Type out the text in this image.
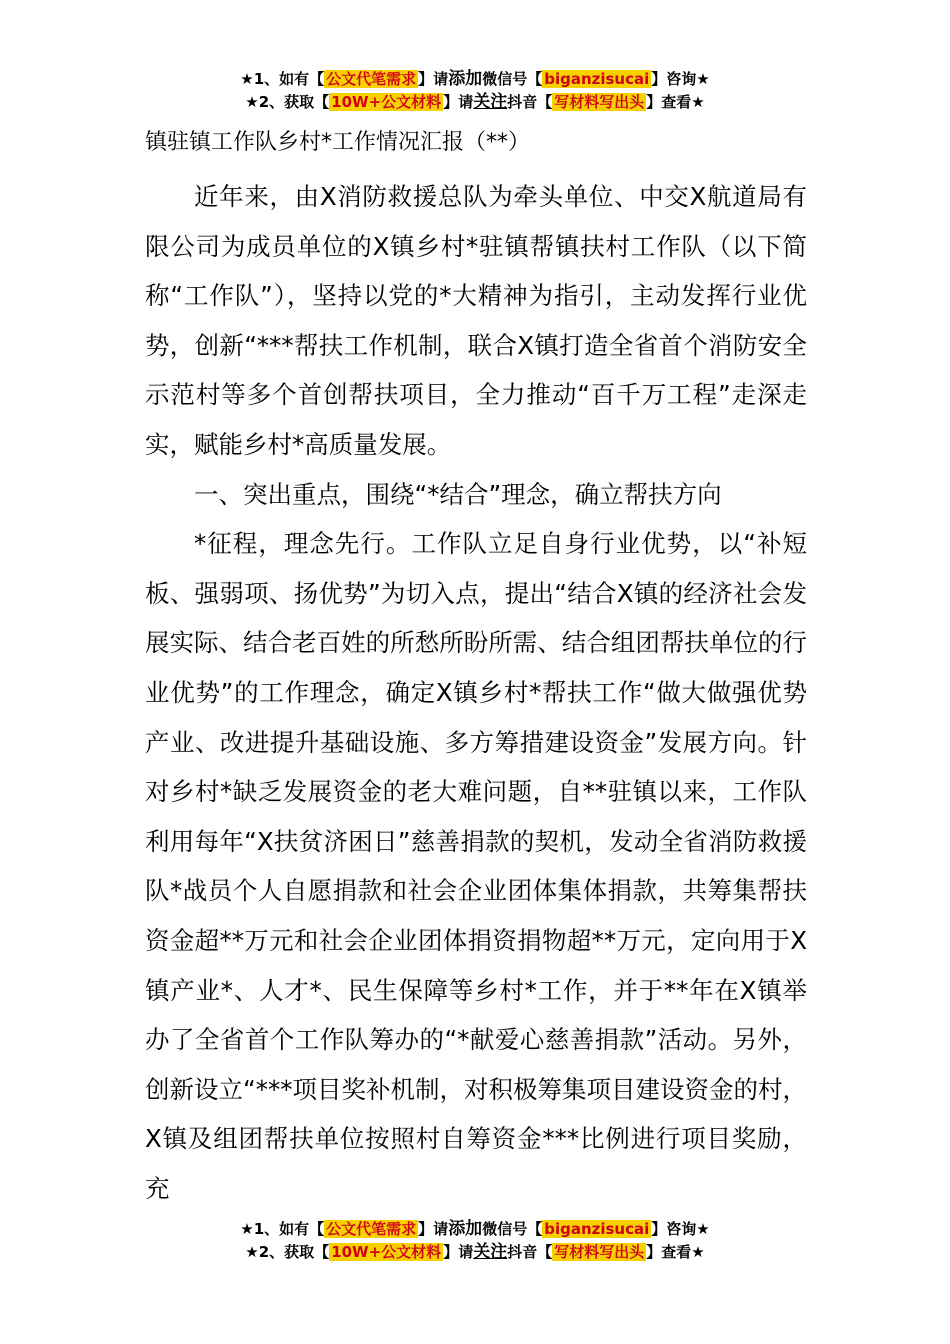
★1、如有【 公文代笔需求 】请添加微信号【 biganzisucai 】咨询★
★2、获取【 10W+公文材料 】请关注抖音【 写材料写出头 】查看★
镇驻镇工作队乡村*工作情况汇报（**）

近年来，由X消防救援总队为牵头单位、中交X航道局有限公司为成员单位的X镇乡村*驻镇帮镇扶村工作队（以下简称“工作队”），坚持以党的*大精神为指引，主动发挥行业优势，创新“***帮扶工作机制，联合X镇打造全省首个消防安全示范村等多个首创帮扶项目，全力推动“百千万工程”走深走实，赋能乡村*高质量发展。

一、突出重点，围绕“*结合”理念，确立帮扶方向

*征程，理念先行。工作队立足自身行业优势，以“补短板、强弱项、扬优势”为切入点，提出“结合X镇的经济社会发展实际、结合老百姓的所愁所盼所需、结合组团帮扶单位的行业优势”的工作理念，确定X镇乡村*帮扶工作“做大做强优势产业、改进提升基础设施、多方筹措建设资金”发展方向。针对乡村*缺乏发展资金的老大难问题，自**驻镇以来，工作队利用每年“X扶贫济困日”慈善捐款的契机，发动全省消防救援队*战员个人自愿捐款和社会企业团体集体捐款，共筹集帮扶资金超**万元和社会企业团体捐资捐物超**万元，定向用于X镇产业*、人才*、民生保障等乡村*工作，并于**年在X镇举办了全省首个工作队筹办的“*献爱心慈善捐款”活动。另外，创新设立“***项目奖补机制，对积极筹集项目建设资金的村，X镇及组团帮扶单位按照村自筹资金***比例进行项目奖励，充

★1、如有【 公文代笔需求 】请添加微信号【 biganzisucai 】咨询★
★2、获取【 10W+公文材料 】请关注抖音【 写材料写出头 】查看★
